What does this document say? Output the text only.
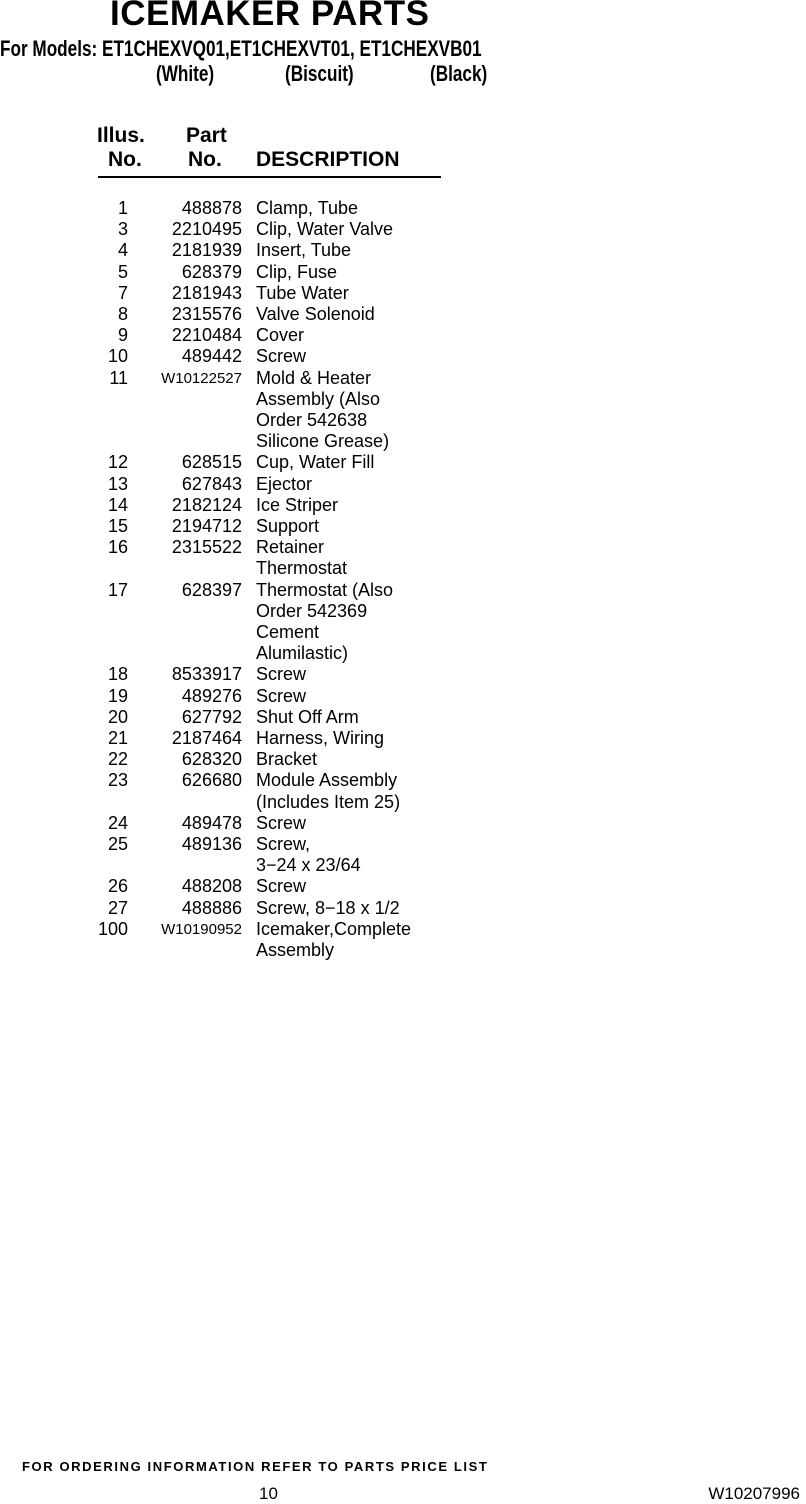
ICEMAKER PARTS
For Models: ET1CHEXVQ01,ET1CHEXVT01, ET1CHEXVB01
(White)	(Biscuit)	(Black)
Illus.
No.
Part
No. DESCRIPTION
1	488878 Clamp, Tube
3 2210495 Clip, Water Valve
4 2181939 Insert, Tube
5	628379 Clip, Fuse
7 2181943 Tube Water
8 2315576 Valve Solenoid
9 2210484 Cover
10	489442 Screw
11 W10122527 Mold & Heater
Assembly (Also
Order 542638
Silicone Grease)
12	628515 Cup, Water Fill
13	627843 Ejector
14 2182124 Ice Striper
15 2194712 Support
16 2315522 Retainer
Thermostat
17	628397 Thermostat (Also
Order 542369
Cement
Alumilastic)
18 8533917 Screw
19	489276 Screw
20	627792 Shut Off Arm
21 2187464 Harness, Wiring
22	628320 Bracket
23	626680 Module Assembly
(Includes Item 25)
24	489478 Screw
25	489136 Screw,
3−24 x 23/64
26	488208 Screw
27	488886 Screw, 8−18 x 1/2
100 W10190952 Icemaker,Complete
Assembly
FOR ORDERING INFORMATION REFER TO PARTS PRICE LIST
10	W10207996
